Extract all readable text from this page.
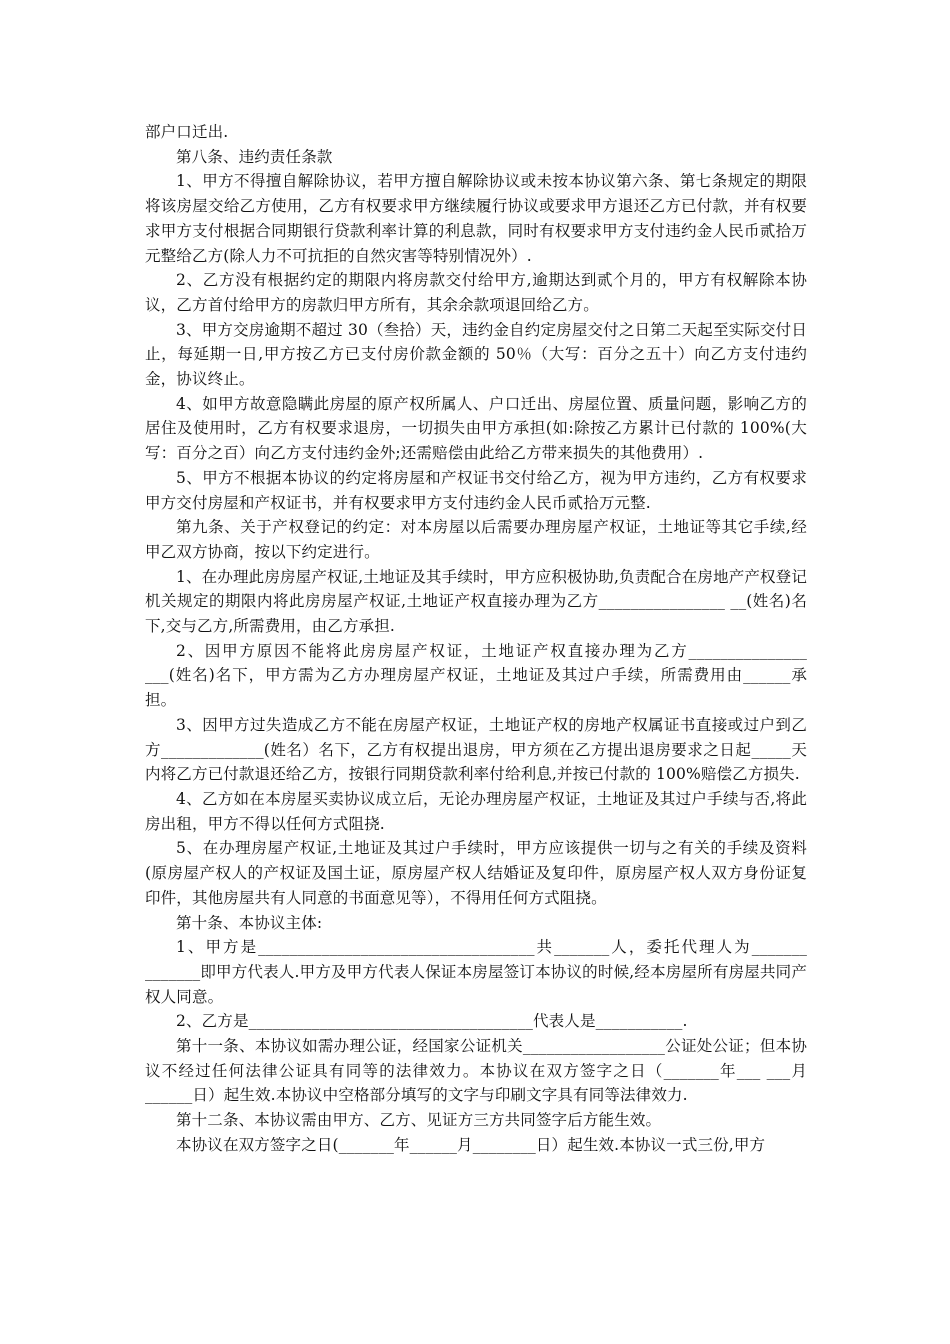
部户口迁出.

第八条、违约责任条款

1、甲方不得擅自解除协议，若甲方擅自解除协议或未按本协议第六条、第七条规定的期限将该房屋交给乙方使用，乙方有权要求甲方继续履行协议或要求甲方退还乙方已付款，并有权要求甲方支付根据合同期银行贷款利率计算的利息款，同时有权要求甲方支付违约金人民币贰拾万元整给乙方(除人力不可抗拒的自然灾害等特别情况外）.

2、乙方没有根据约定的期限内将房款交付给甲方,逾期达到贰个月的，甲方有权解除本协议，乙方首付给甲方的房款归甲方所有，其余余款项退回给乙方。

3、甲方交房逾期不超过 30（叁拾）天，违约金自约定房屋交付之日第二天起至实际交付日止，每延期一日,甲方按乙方已支付房价款金额的 50％（大写：百分之五十）向乙方支付违约金，协议终止。

4、如甲方故意隐瞒此房屋的原产权所属人、户口迁出、房屋位置、质量问题，影响乙方的居住及使用时，乙方有权要求退房，一切损失由甲方承担(如:除按乙方累计已付款的 100%(大写：百分之百）向乙方支付违约金外;还需赔偿由此给乙方带来损失的其他费用）.

5、甲方不根据本协议的约定将房屋和产权证书交付给乙方，视为甲方违约，乙方有权要求甲方交付房屋和产权证书，并有权要求甲方支付违约金人民币贰拾万元整.

第九条、关于产权登记的约定：对本房屋以后需要办理房屋产权证，土地证等其它手续,经甲乙双方协商，按以下约定进行。

1、在办理此房房屋产权证,土地证及其手续时，甲方应积极协助,负责配合在房地产产权登记机关规定的期限内将此房房屋产权证,土地证产权直接办理为乙方________________ __(姓名)名下,交与乙方,所需费用，由乙方承担.

2、因甲方原因不能将此房房屋产权证，土地证产权直接办理为乙方_______________ ___(姓名)名下，甲方需为乙方办理房屋产权证，土地证及其过户手续，所需费用由______承担。

3、因甲方过失造成乙方不能在房屋产权证，土地证产权的房地产权属证书直接或过户到乙方_____________(姓名）名下，乙方有权提出退房，甲方须在乙方提出退房要求之日起_____天内将乙方已付款退还给乙方，按银行同期贷款利率付给利息,并按已付款的 100%赔偿乙方损失.

4、乙方如在本房屋买卖协议成立后，无论办理房屋产权证，土地证及其过户手续与否,将此房出租，甲方不得以任何方式阻挠.

5、在办理房屋产权证,土地证及其过户手续时，甲方应该提供一切与之有关的手续及资料(原房屋产权人的产权证及国土证，原房屋产权人结婚证及复印件，原房屋产权人双方身份证复印件，其他房屋共有人同意的书面意见等），不得用任何方式阻挠。

第十条、本协议主体:

1、甲方是___________________________________共_______人，委托代理人为_______ _______即甲方代表人.甲方及甲方代表人保证本房屋签订本协议的时候,经本房屋所有房屋共同产权人同意。

2、乙方是____________________________________代表人是___________.

第十一条、本协议如需办理公证，经国家公证机关__________________公证处公证；但本协议不经过任何法律公证具有同等的法律效力。本协议在双方签字之日（_______年___ ___月______日）起生效.本协议中空格部分填写的文字与印刷文字具有同等法律效力.

第十二条、本协议需由甲方、乙方、见证方三方共同签字后方能生效。

本协议在双方签字之日(_______年______月________日）起生效.本协议一式三份,甲方
